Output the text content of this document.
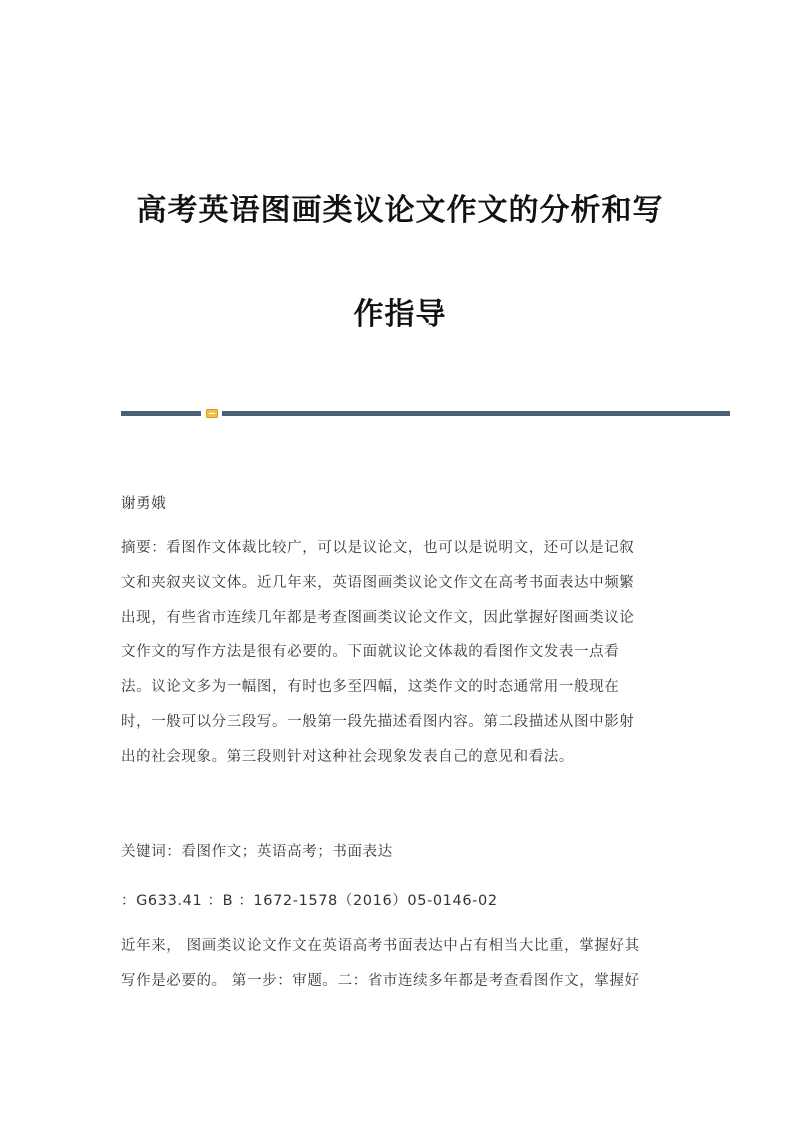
高考英语图画类议论文作文的分析和写
作指导
谢勇娥
摘要：看图作文体裁比较广，可以是议论文，也可以是说明文，还可以是记叙
文和夹叙夹议文体。近几年来，英语图画类议论文作文在高考书面表达中频繁
出现，有些省市连续几年都是考查图画类议论文作文，因此掌握好图画类议论
文作文的写作方法是很有必要的。下面就议论文体裁的看图作文发表一点看
法。议论文多为一幅图，有时也多至四幅，这类作文的时态通常用一般现在
时，一般可以分三段写。一般第一段先描述看图内容。第二段描述从图中影射
出的社会现象。第三段则针对这种社会现象发表自己的意见和看法。
关键词：看图作文；英语高考；书面表达
：G633.41 ：B ：1672-1578（2016）05-0146-02
近年来， 图画类议论文作文在英语高考书面表达中占有相当大比重，掌握好其
写作是必要的。 第一步：审题。二：省市连续多年都是考查看图作文，掌握好
